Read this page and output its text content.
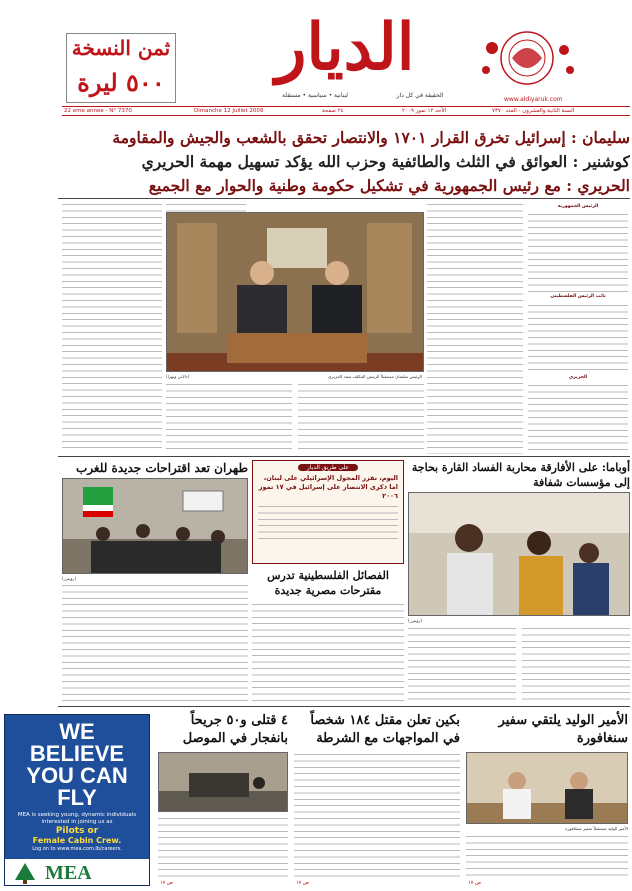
ثمن النسخة
٥٠٠ ليرة	الديار
الحقيقة في كل دار
لبنانية • سياسية • مستقلة
22 eme annee - N° 7370	Dimanche 12 Juillet 2009	٢٤ صفحة	الأحد ١٢ تموز ٢٠٠٩	السنة الثانية والعشرون - العدد ٧٣٧٠
www.aldiyaruk.com
سليمان : إسرائيل تخرق القرار ١٧٠١ والانتصار تحقق بالشعب والجيش والمقاومة
كوشنير : العوائق في الثلث والطائفية وحزب الله يؤكد تسهيل مهمة الحريري
الحريري : مع رئيس الجمهورية في تشكيل حكومة وطنية والحوار مع الجميع
الرئيس الجمهورية
نائب الرئيس الفلسطيني
الحريري
الرئيس سليمان مستقبلاً الرئيس المكلف سعد الحريري
(دالاتي ونهرا)
طهران تعد اقتراحات جديدة للغرب
(رويترز)
على طريق الديار
اليوم، نقرر المجول الإسرائيلي على لبنان، اما ذكرى الانتصار على إسرائيل في ١٧ تموز ٢٠٠٦
الفصائل الفلسطينية تدرس مقترحات مصرية جديدة
أوباما: على الأفارقة محاربة الفساد القارة بحاجة إلى مؤسسات شفافة
(رويترز)
WE
BELIEVE
YOU CAN
FLY
MEA is seeking young, dynamic individuals interested in joining us as
Pilots or
Female Cabin Crew.
Log on to www.mea.com.lb/careers.
MEA
٤ قتلى و٥٠ جريحاً بانفجار في الموصل
ص ١٧
بكين تعلن مقتل ١٨٤ شخصاً في المواجهات مع الشرطة
ص ١٧
الأمير الوليد يلتقي سفير سنغافورة
الأمير الوليد مستقبلاً سفير سنغافورة
ص ١٧
